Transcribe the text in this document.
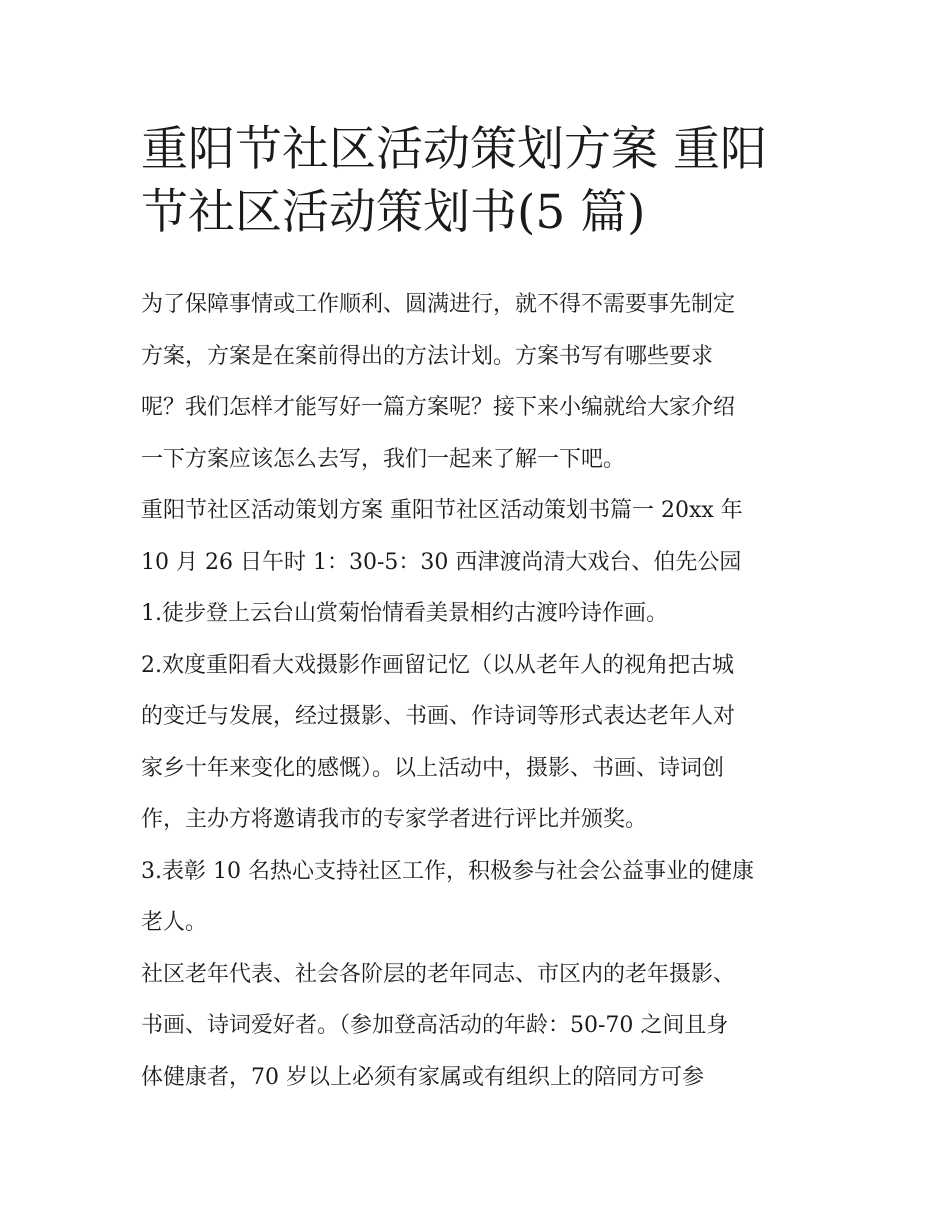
重阳节社区活动策划方案 重阳
节社区活动策划书(5 篇)
为了保障事情或工作顺利、圆满进行，就不得不需要事先制定
方案，方案是在案前得出的方法计划。方案书写有哪些要求
呢？我们怎样才能写好一篇方案呢？接下来小编就给大家介绍
一下方案应该怎么去写，我们一起来了解一下吧。
重阳节社区活动策划方案 重阳节社区活动策划书篇一 20xx 年
10 月 26 日午时 1：30-5：30 西津渡尚清大戏台、伯先公园
1.徒步登上云台山赏菊怡情看美景相约古渡吟诗作画。
2.欢度重阳看大戏摄影作画留记忆（以从老年人的视角把古城
的变迁与发展，经过摄影、书画、作诗词等形式表达老年人对
家乡十年来变化的感慨）。以上活动中，摄影、书画、诗词创
作，主办方将邀请我市的专家学者进行评比并颁奖。
3.表彰 10 名热心支持社区工作，积极参与社会公益事业的健康
老人。
社区老年代表、社会各阶层的老年同志、市区内的老年摄影、
书画、诗词爱好者。（参加登高活动的年龄：50-70 之间且身
体健康者，70 岁以上必须有家属或有组织上的陪同方可参
